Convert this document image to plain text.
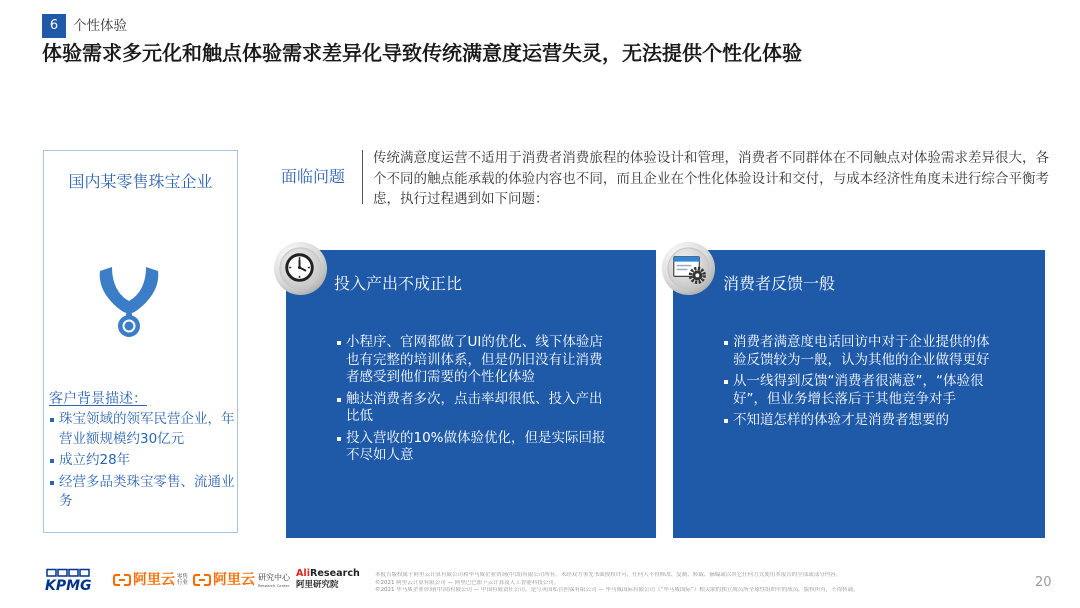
6	个性体验
体验需求多元化和触点体验需求差异化导致传统满意度运营失灵，无法提供个性化体验
国内某零售珠宝企业
客户背景描述：
珠宝领域的领军民营企业，年营业额规模约30亿元
成立约28年
经营多品类珠宝零售、流通业务
面临问题
传统满意度运营不适用于消费者消费旅程的体验设计和管理，消费者不同群体在不同触点对体验需求差异很大，各个不同的触点能承载的体验内容也不同，而且企业在个性化体验设计和交付，与成本经济性角度未进行综合平衡考虑，执行过程遇到如下问题：
投入产出不成正比
小程序、官网都做了UI的优化、线下体验店也有完整的培训体系，但是仍旧没有让消费者感受到他们需要的个性化体验
触达消费者多次，点击率却很低、投入产出比低
投入营收的10%做体验优化，但是实际回报不尽如人意
消费者反馈一般
消费者满意度电话回访中对于企业提供的体验反馈较为一般，认为其他的企业做得更好
从一线得到反馈“消费者很满意”，“体验很好”，但业务增长落后于其他竞争对手
不知道怎样的体验才是消费者想要的
KPMG	阿里云 零售
行业 阿里云 研究中心
Research Center
AliResearch
阿里研究院
本报告版权属于阿里云计算有限公司和毕马威企业咨询(中国)有限公司所有。未经双方事先书面授权许可，任何人不得修改、复制、转载、摘编或以其它任何方式使用本报告的全部或部分内容。
©2021 阿里云计算有限公司 — 阿里巴巴旗下云计算及人工智能科技公司。
©2021 毕马威企业咨询(中国)有限公司 — 中国有限责任公司，是与英国私营担保有限公司 — 毕马威国际有限公司（“毕马威国际”）相关联的独立成员所全球性组织中的成员。版权所有，不得转载。	20
